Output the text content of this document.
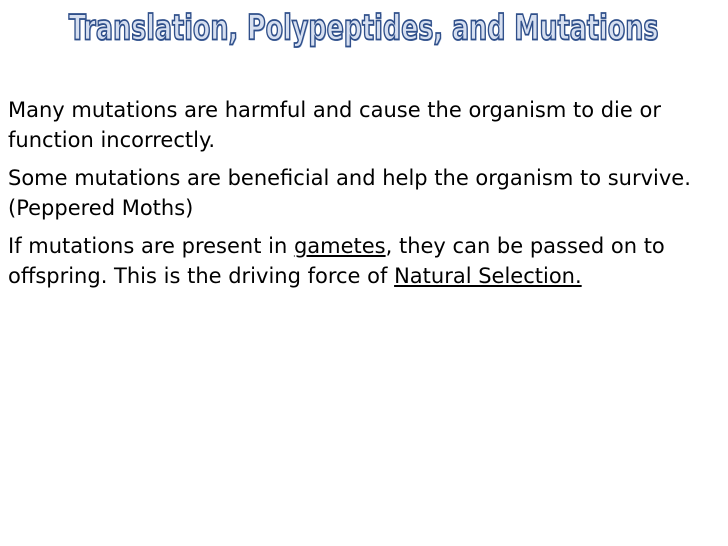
Translation, Polypeptides, and Mutations

Many mutations are harmful and cause the organism to die or function incorrectly.

Some mutations are beneficial and help the organism to survive. (Peppered Moths)

If mutations are present in gametes, they can be passed on to offspring. This is the driving force of Natural Selection.
